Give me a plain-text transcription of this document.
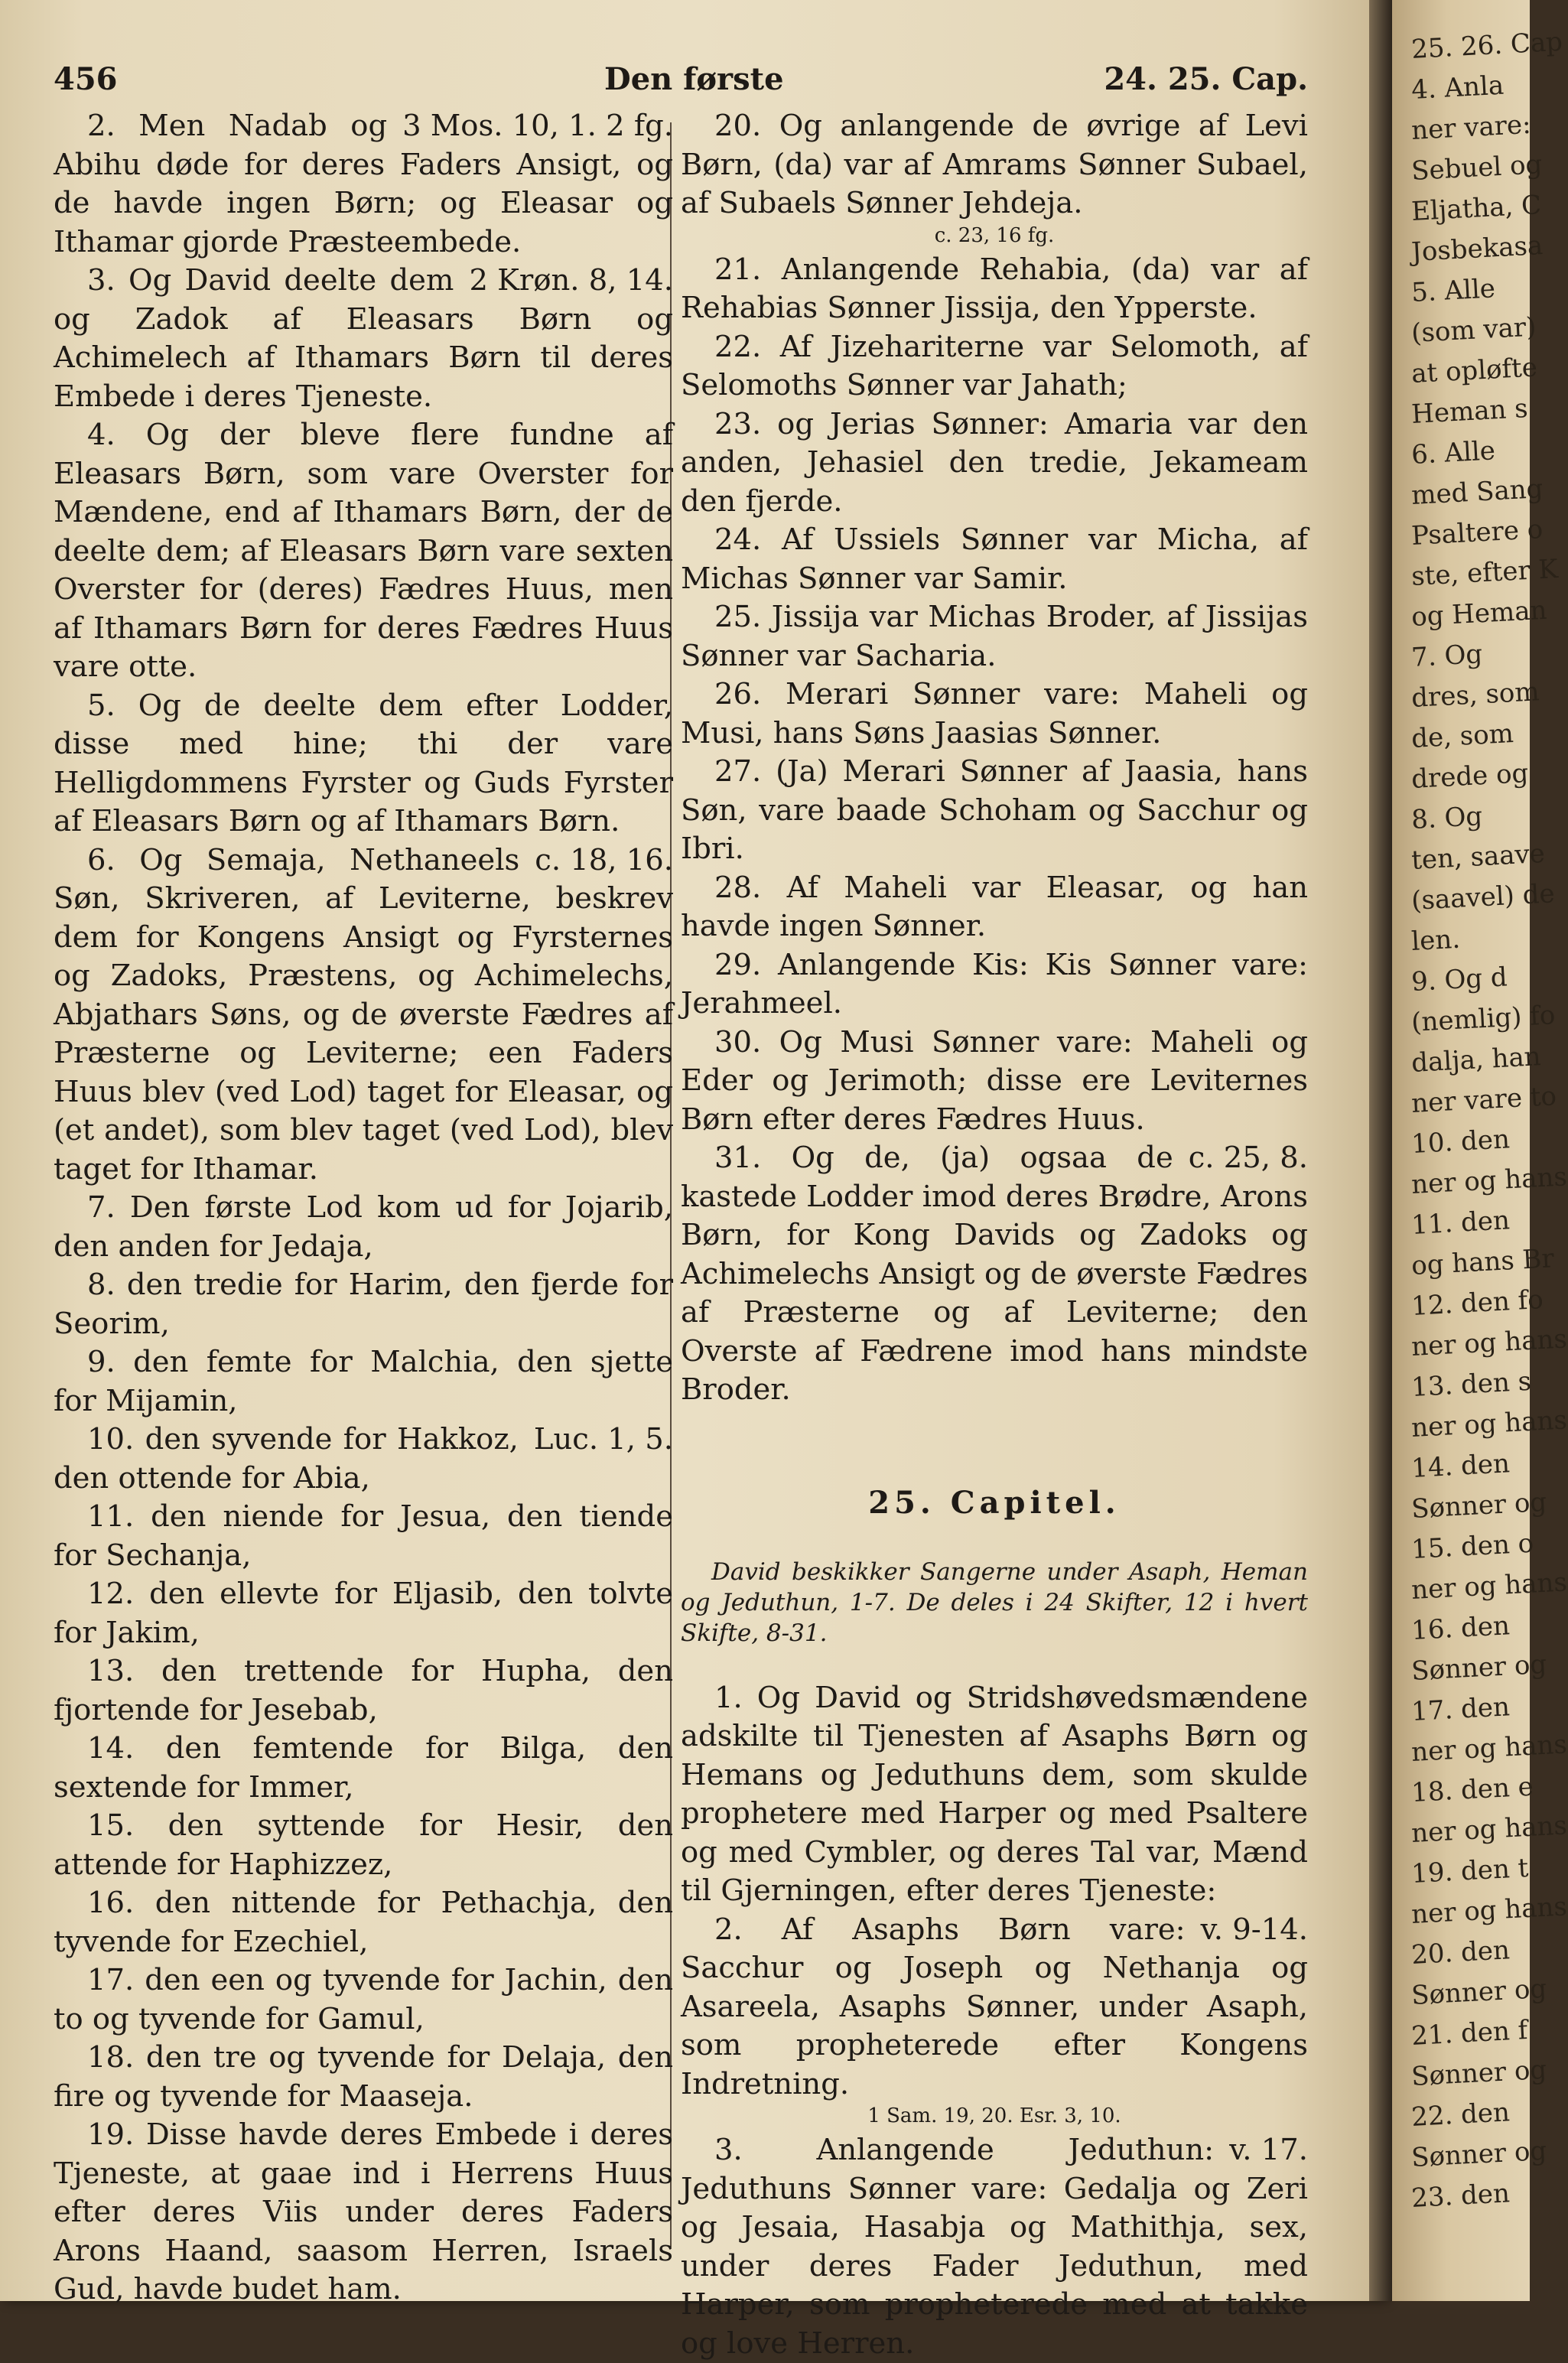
456	Den første	24. 25. Cap.

3 Mos. 10, 1. 2 fg.
2. Men Nadab og Abihu døde for deres Faders Ansigt, og de havde ingen Børn; og Eleasar og Ithamar gjorde Præsteembede.

2 Krøn. 8, 14.
3. Og David deelte dem og Zadok af Eleasars Børn og Achimelech af Ithamars Børn til deres Embede i deres Tjeneste.

4. Og der bleve flere fundne af Eleasars Børn, som vare Overster for Mændene, end af Ithamars Børn, der de deelte dem; af Eleasars Børn vare sexten Overster for (deres) Fædres Huus, men af Ithamars Børn for deres Fædres Huus vare otte.

5. Og de deelte dem efter Lodder, disse med hine; thi der vare Helligdommens Fyrster og Guds Fyrster af Eleasars Børn og af Ithamars Børn.

c. 18, 16.
6. Og Semaja, Nethaneels Søn, Skriveren, af Leviterne, beskrev dem for Kongens Ansigt og Fyrsternes og Zadoks, Præstens, og Achimelechs, Abjathars Søns, og de øverste Fædres af Præsterne og Leviterne; een Faders Huus blev (ved Lod) taget for Eleasar, og (et andet), som blev taget (ved Lod), blev taget for Ithamar.

7. Den første Lod kom ud for Jojarib, den anden for Jedaja,

8. den tredie for Harim, den fjerde for Seorim,

9. den femte for Malchia, den sjette for Mijamin,

Luc. 1, 5.
10. den syvende for Hakkoz, den ottende for Abia,

11. den niende for Jesua, den tiende for Sechanja,

12. den ellevte for Eljasib, den tolvte for Jakim,

13. den trettende for Hupha, den fjortende for Jesebab,

14. den femtende for Bilga, den sextende for Immer,

15. den syttende for Hesir, den attende for Haphizzez,

16. den nittende for Pethachja, den tyvende for Ezechiel,

17. den een og tyvende for Jachin, den to og tyvende for Gamul,

18. den tre og tyvende for Delaja, den fire og tyvende for Maaseja.

19. Disse havde deres Embede i deres Tjeneste, at gaae ind i Herrens Huus efter deres Viis under deres Faders Arons Haand, saasom Herren, Israels Gud, havde budet ham.

20. Og anlangende de øvrige af Levi Børn, (da) var af Amrams Sønner Subael, af Subaels Sønner Jehdeja.

c. 23, 16 fg.

21. Anlangende Rehabia, (da) var af Rehabias Sønner Jissija, den Ypperste.

22. Af Jizehariterne var Selomoth, af Selomoths Sønner var Jahath;

23. og Jerias Sønner: Amaria var den anden, Jehasiel den tredie, Jekameam den fjerde.

24. Af Ussiels Sønner var Micha, af Michas Sønner var Samir.

25. Jissija var Michas Broder, af Jissijas Sønner var Sacharia.

26. Merari Sønner vare: Maheli og Musi, hans Søns Jaasias Sønner.

27. (Ja) Merari Sønner af Jaasia, hans Søn, vare baade Schoham og Sacchur og Ibri.

28. Af Maheli var Eleasar, og han havde ingen Sønner.

29. Anlangende Kis: Kis Sønner vare: Jerahmeel.

30. Og Musi Sønner vare: Maheli og Eder og Jerimoth; disse ere Leviternes Børn efter deres Fædres Huus.

c. 25, 8.
31. Og de, (ja) ogsaa de kastede Lodder imod deres Brødre, Arons Børn, for Kong Davids og Zadoks og Achimelechs Ansigt og de øverste Fædres af Præsterne og af Leviterne; den Overste af Fædrene imod hans mindste Broder.

25. Capitel.

David beskikker Sangerne under Asaph, Heman og Jeduthun, 1-7. De deles i 24 Skifter, 12 i hvert Skifte, 8-31.

1. Og David og Stridshøvedsmændene adskilte til Tjenesten af Asaphs Børn og Hemans og Jeduthuns dem, som skulde prophetere med Harper og med Psaltere og med Cymbler, og deres Tal var, Mænd til Gjerningen, efter deres Tjeneste:

v. 9-14.
2. Af Asaphs Børn vare: Sacchur og Joseph og Nethanja og Asareela, Asaphs Sønner, under Asaph, som propheterede efter Kongens Indretning.

1 Sam. 19, 20. Esr. 3, 10.

v. 17.
3. Anlangende Jeduthun: Jeduthuns Sønner vare: Gedalja og Zeri og Jesaia, Hasabja og Mathithja, sex, under deres Fader Jeduthun, med Harper, som propheterede med at takke og love Herren.

25. 26. Cap
4. Anla
ner vare:
Sebuel og
Eljatha, C
Josbekasa
5. Alle
(som var)
at opløfte
Heman s
6. Alle
med Sang
Psaltere o
ste, efter K
og Heman
7. Og
dres, som
de, som
drede og
8. Og
ten, saave
(saavel) de
len.
9. Og d
(nemlig) fo
dalja, han
ner vare to
10. den
ner og hans
11. den
og hans Br
12. den fo
ner og hans
13. den s
ner og hans
14. den
Sønner og
15. den o
ner og hans
16. den
Sønner og
17. den
ner og hans
18. den e
ner og hans
19. den t
ner og hans
20. den
Sønner og
21. den f
Sønner og
22. den
Sønner og
23. den
